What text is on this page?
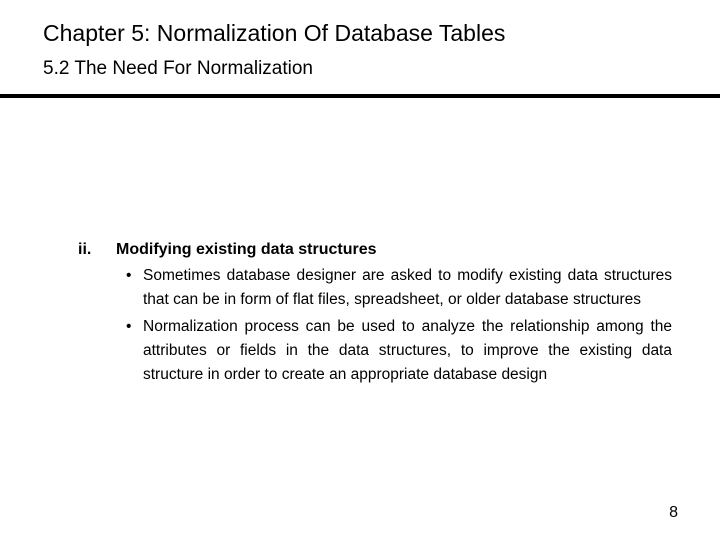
Chapter 5: Normalization Of Database Tables
5.2 The Need For Normalization
ii.	Modifying existing data structures
• Sometimes database designer are asked to modify existing data structures that can be in form of flat files, spreadsheet, or older database structures
• Normalization process can be used to analyze the relationship among the attributes or fields in the data structures, to improve the existing data structure in order to create an appropriate database design
8
